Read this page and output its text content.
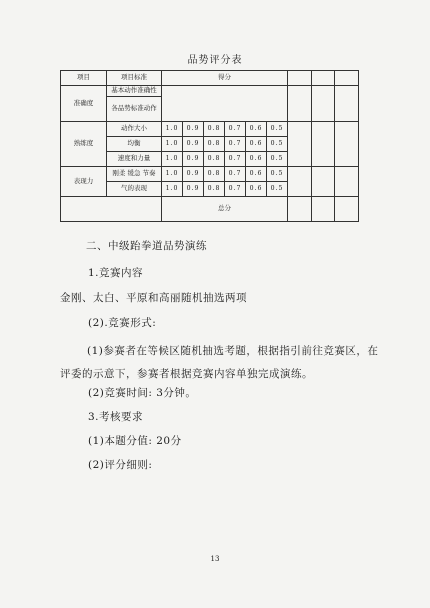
品势评分表
项目	项目标准	得分								
准确度	基本动作准确性									
	各品势标准动作									
熟练度	动作大小	1.0	0.9	0.8	0.7	0.6	0.5			
	均衡	1.0	0.9	0.8	0.7	0.6	0.5			
	速度和力量	1.0	0.9	0.8	0.7	0.6	0.5			
表现力	刚柔 缓急 节奏	1.0	0.9	0.8	0.7	0.6	0.5			
	气的表现	1.0	0.9	0.8	0.7	0.6	0.5			
		总分								
二、中级跆拳道品势演练
1.竞赛内容
金刚、太白、平原和高丽随机抽选两项
(2).竞赛形式:
(1)参赛者在等候区随机抽选考题，根据指引前往竞赛区，在评委的示意下，参赛者根据竞赛内容单独完成演练。
(2)竞赛时间: 3分钟。
3.考核要求
(1)本题分值: 20分
(2)评分细则:
13
